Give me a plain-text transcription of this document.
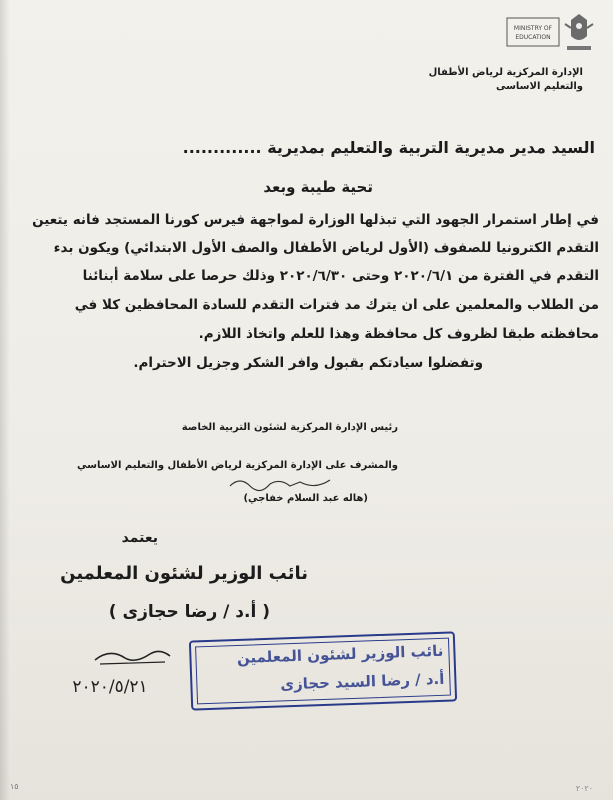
MINISTRY OF
EDUCATION
الإدارة المركزية لرياض الأطفال
والتعليم الاساسى
السيد مدير مديرية التربية والتعليم بمديرية .............
تحية طيبة وبعد
في إطار استمرار الجهود التي تبذلها الوزارة لمواجهة فيرس كورنا المستجد فانه يتعين
التقدم الكترونيا للصفوف (الأول لرياض الأطفال والصف الأول الابتدائي) ويكون بدء
التقدم في الفترة من ٢٠٢٠/٦/١ وحتى ٢٠٢٠/٦/٣٠ وذلك حرصا على سلامة أبنائنا
من الطلاب والمعلمين على ان يترك مد فترات التقدم للسادة المحافظين كلا في
محافظته طبقا لظروف كل محافظة وهذا للعلم واتخاذ اللازم.
وتفضلوا سيادتكم بقبول وافر الشكر وجزيل الاحترام.
رئيس الإدارة المركزية لشئون التربية الخاصة
والمشرف على الإدارة المركزية لرياض الأطفال والتعليم الاساسي
(هاله عبد السلام خفاجي)
يعتمد
نائب الوزير لشئون المعلمين
( أ.د / رضا حجازى )
٢٠٢٠/٥/٢١
نائب الوزير لشئون المعلمين
أ.د / رضا السيد حجازى
١٥	٢٠٢٠
